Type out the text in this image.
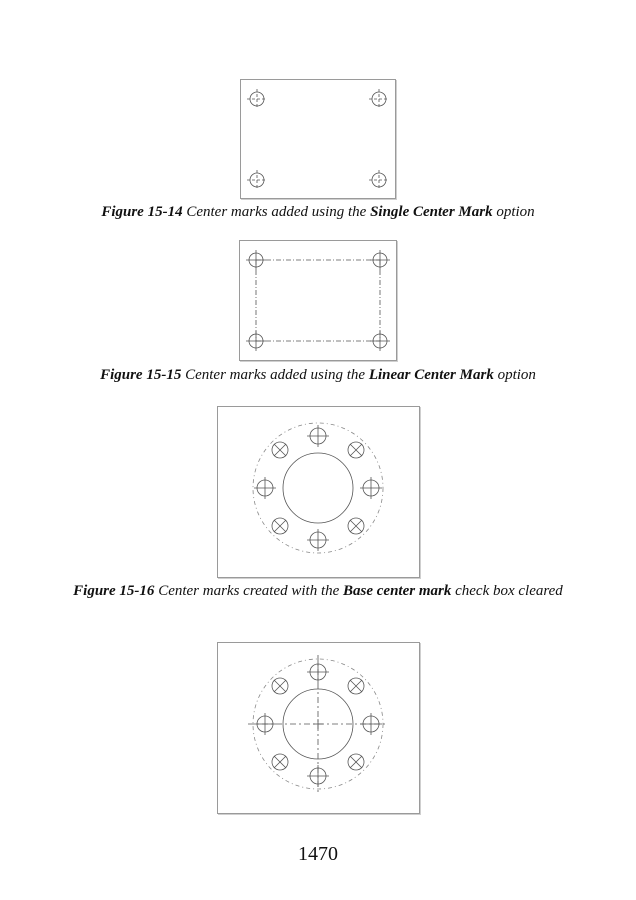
Figure 15-14 Center marks added using the Single Center Mark option
Figure 15-15 Center marks added using the Linear Center Mark option
Figure 15-16 Center marks created with the Base center mark check box cleared
1470
